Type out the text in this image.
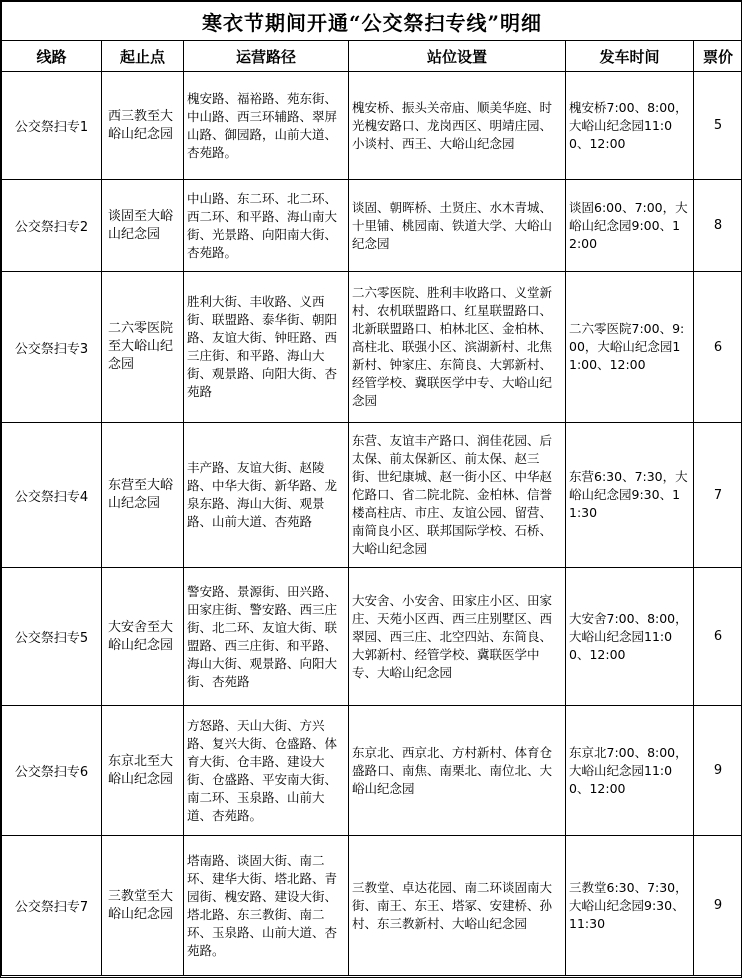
寒衣节期间开通“公交祭扫专线”明细					
线路	起止点	运营路径	站位设置	发车时间	票价
公交祭扫专1	西三教至大峪山纪念园	槐安路、福裕路、苑东街、中山路、西三环辅路、翠屏山路、御园路，山前大道、杏苑路。	槐安桥、振头关帝庙、顺美华庭、时光槐安路口、龙岗西区、明靖庄园、小谈村、西王、大峪山纪念园	槐安桥7:00、8:00，大峪山纪念园11:00、12:00	5
公交祭扫专2	谈固至大峪山纪念园	中山路、东二环、北二环、西二环、和平路、海山南大街、光景路、向阳南大街、杏苑路。	谈固、朝晖桥、土贤庄、水木青城、十里铺、桃园南、铁道大学、大峪山纪念园	谈固6:00、7:00，大峪山纪念园9:00、12:00	8
公交祭扫专3	二六零医院至大峪山纪念园	胜利大街、丰收路、义西街、联盟路、泰华街、朝阳路、友谊大街、钟旺路、西三庄街、和平路、海山大街、观景路、向阳大街、杏苑路	二六零医院、胜利丰收路口、义堂新村、农机联盟路口、红星联盟路口、北新联盟路口、柏林北区、金柏林、高柱北、联强小区、滨湖新村、北焦新村、钟家庄、东简良、大郭新村、经管学校、冀联医学中专、大峪山纪念园	二六零医院7:00、9:00，大峪山纪念园11:00、12:00	6
公交祭扫专4	东营至大峪山纪念园	丰产路、友谊大街、赵陵路、中华大街、新华路、龙泉东路、海山大街、观景路、山前大道、杏苑路	东营、友谊丰产路口、润佳花园、后太保、前太保新区、前太保、赵三街、世纪康城、赵一街小区、中华赵佗路口、省二院北院、金柏林、信誉楼高柱店、市庄、友谊公园、留营、南简良小区、联邦国际学校、石桥、大峪山纪念园	东营6:30、7:30，大峪山纪念园9:30、11:30	7
公交祭扫专5	大安舍至大峪山纪念园	警安路、景源街、田兴路、田家庄街、警安路、西三庄街、北二环、友谊大街、联盟路、西三庄街、和平路、海山大街、观景路、向阳大街、杏苑路	大安舍、小安舍、田家庄小区、田家庄、天苑小区西、西三庄别墅区、西翠园、西三庄、北空四站、东简良、大郭新村、经管学校、冀联医学中专、大峪山纪念园	大安舍7:00、8:00，大峪山纪念园11:00、12:00	6
公交祭扫专6	东京北至大峪山纪念园	方怒路、天山大街、方兴路、复兴大街、仓盛路、体育大街、仓丰路、建设大街、仓盛路、平安南大街、南二环、玉泉路、山前大道、杏苑路。	东京北、西京北、方村新村、体育仓盛路口、南焦、南栗北、南位北、大峪山纪念园	东京北7:00、8:00，大峪山纪念园11:00、12:00	9
公交祭扫专7	三教堂至大峪山纪念园	塔南路、谈固大街、南二环、建华大街、塔北路、青园街、槐安路、建设大街、塔北路、东三教街、南二环、玉泉路、山前大道、杏苑路。	三教堂、卓达花园、南二环谈固南大街、南王、东王、塔冢、安建桥、孙村、东三教新村、大峪山纪念园	三教堂6:30、7:30，大峪山纪念园9:30、11:30	9
